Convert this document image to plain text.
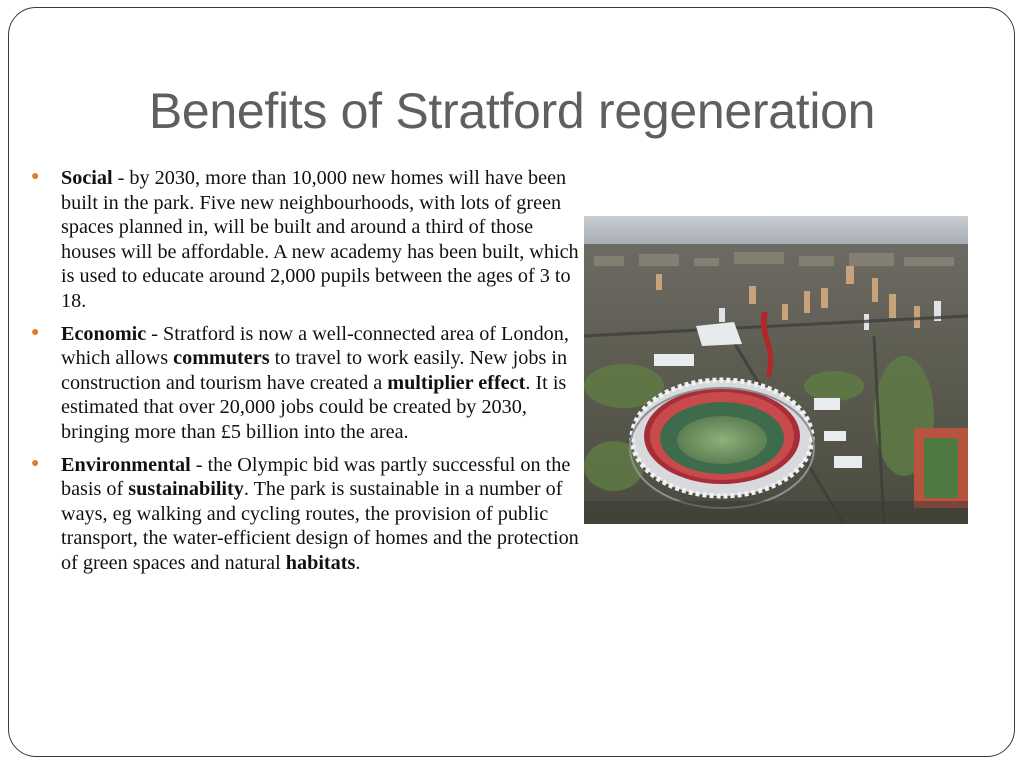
Benefits of Stratford regeneration
● Social - by 2030, more than 10,000 new homes will have been built in the park. Five new neighbourhoods, with lots of green spaces planned in, will be built and around a third of those houses will be affordable. A new academy has been built, which is used to educate around 2,000 pupils between the ages of 3 to 18.
● Economic - Stratford is now a well-connected area of London, which allows commuters to travel to work easily. New jobs in construction and tourism have created a multiplier effect. It is estimated that over 20,000 jobs could be created by 2030, bringing more than £5 billion into the area.
● Environmental - the Olympic bid was partly successful on the basis of sustainability. The park is sustainable in a number of ways, eg walking and cycling routes, the provision of public transport, the water-efficient design of homes and the protection of green spaces and natural habitats.
